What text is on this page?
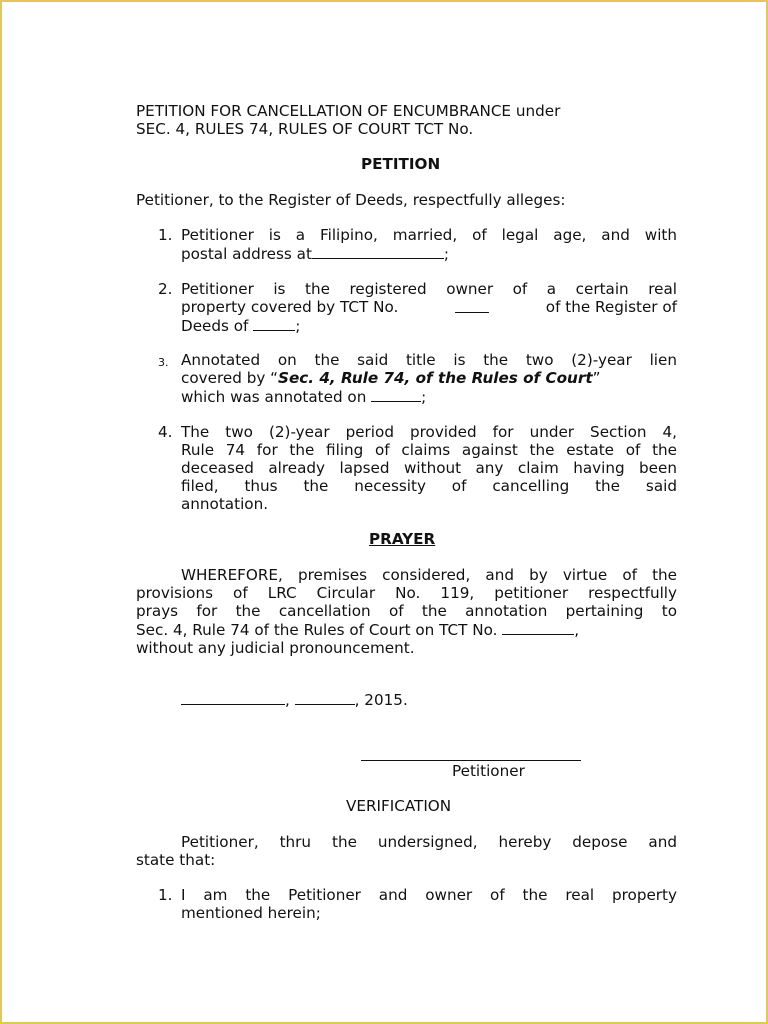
PETITION FOR CANCELLATION OF ENCUMBRANCE under
SEC. 4, RULES 74, RULES OF COURT TCT No.
PETITION
Petitioner, to the Register of Deeds, respectfully alleges:
1. Petitioner is a Filipino, married, of legal age, and with
postal address at	;
2. Petitioner is the registered owner of a certain real
property covered by TCT No.	of the Register of
Deeds of	;
3. Annotated on the said title is the two (2)-year lien
covered by “Sec. 4, Rule 74, of the Rules of Court”
which was annotated on	;
4. The two (2)-year period provided for under Section 4,
Rule 74 for the filing of claims against the estate of the
deceased already lapsed without any claim having been
filed, thus the necessity of cancelling the said
annotation.
PRAYER
WHEREFORE, premises considered, and by virtue of the
provisions of LRC Circular No. 119, petitioner respectfully
prays for the cancellation of the annotation pertaining to
Sec. 4, Rule 74 of the Rules of Court on TCT No.	,
without any judicial pronouncement.
,	, 2015.
Petitioner
VERIFICATION
Petitioner, thru the undersigned, hereby depose and
state that:
1. I am the Petitioner and owner of the real property
mentioned herein;
